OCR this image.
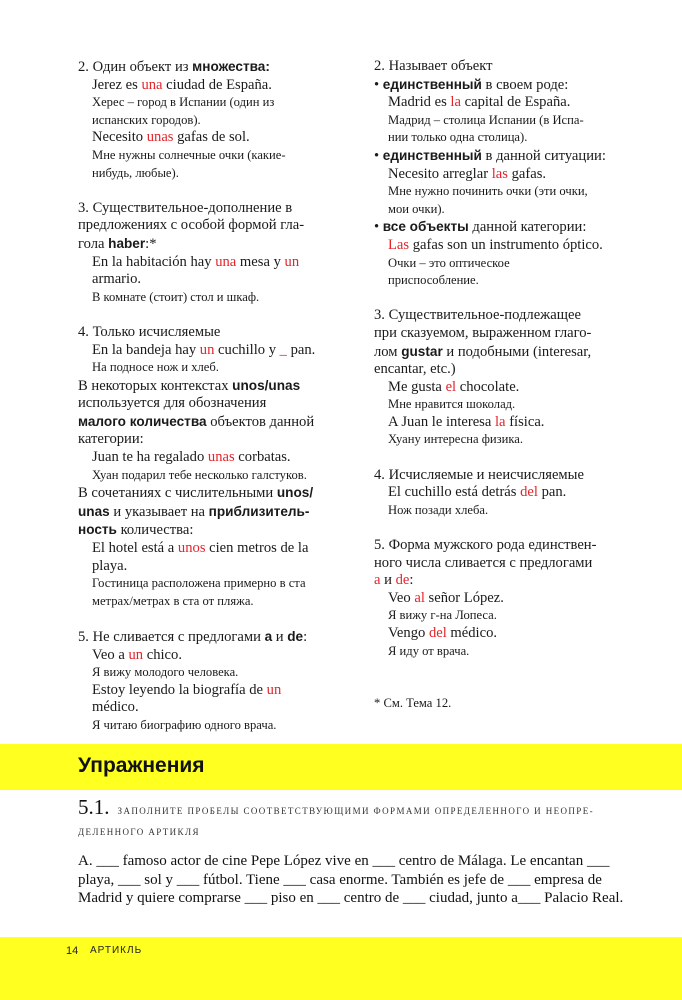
2. Один объект из множества:
Jerez es una ciudad de España.
Херес – город в Испании (один из
испанских городов).
Necesito unas gafas de sol.
Мне нужны солнечные очки (какие-
нибудь, любые).
3. Существительное-дополнение в
предложениях с особой формой гла-
гола haber:*
En la habitación hay una mesa y un
armario.
В комнате (стоит) стол и шкаф.
4. Только исчисляемые
En la bandeja hay un cuchillo y _ pan.
На подносе нож и хлеб.
В некоторых контекстах unos/unas
используется для обозначения
малого количества объектов данной
категории:
Juan te ha regalado unas corbatas.
Хуан подарил тебе несколько галстуков.
В сочетаниях с числительными unos/
unas и указывает на приблизитель-
ность количества:
El hotel está a unos cien metros de la
playa.
Гостиница расположена примерно в ста
метрах/метрах в ста от пляжа.
5. Не сливается с предлогами a и de:
Veo a un chico.
Я вижу молодого человека.
Estoy leyendo la biografía de un
médico.
Я читаю биографию одного врача.
2. Называет объект
• единственный в своем роде:
Madrid es la capital de España.
Мадрид – столица Испании (в Испа-
нии только одна столица).
• единственный в данной ситуации:
Necesito arreglar las gafas.
Мне нужно починить очки (эти очки,
мои очки).
• все объекты данной категории:
Las gafas son un instrumento óptico.
Очки – это оптическое
приспособление.
3. Существительное-подлежащее
при сказуемом, выраженном глаго-
лом gustar и подобными (interesar,
encantar, etc.)
Me gusta el chocolate.
Мне нравится шоколад.
A Juan le interesa la física.
Хуану интересна физика.
4. Исчисляемые и неисчисляемые
El cuchillo está detrás del pan.
Нож позади хлеба.
5. Форма мужского рода единствен-
ного числа сливается с предлогами
a и de:
Veo al señor López.
Я вижу г-на Лопеса.
Vengo del médico.
Я иду от врача.
* См. Тема 12.
Упражнения
5.1. ЗАПОЛНИТЕ ПРОБЕЛЫ СООТВЕТСТВУЮЩИМИ ФОРМАМИ ОПРЕДЕЛЕННОГО И НЕОПРЕ-ДЕЛЕННОГО АРТИКЛЯ
A. ___ famoso actor de cine Pepe López vive en ___ centro de Málaga. Le encantan ___ playa, ___ sol y ___ fútbol. Tiene ___ casa enorme. También es jefe de ___ empresa de Madrid y quiere comprarse ___ piso en ___ centro de ___ ciudad, junto a___ Palacio Real.
14 АРТИКЛЬ
